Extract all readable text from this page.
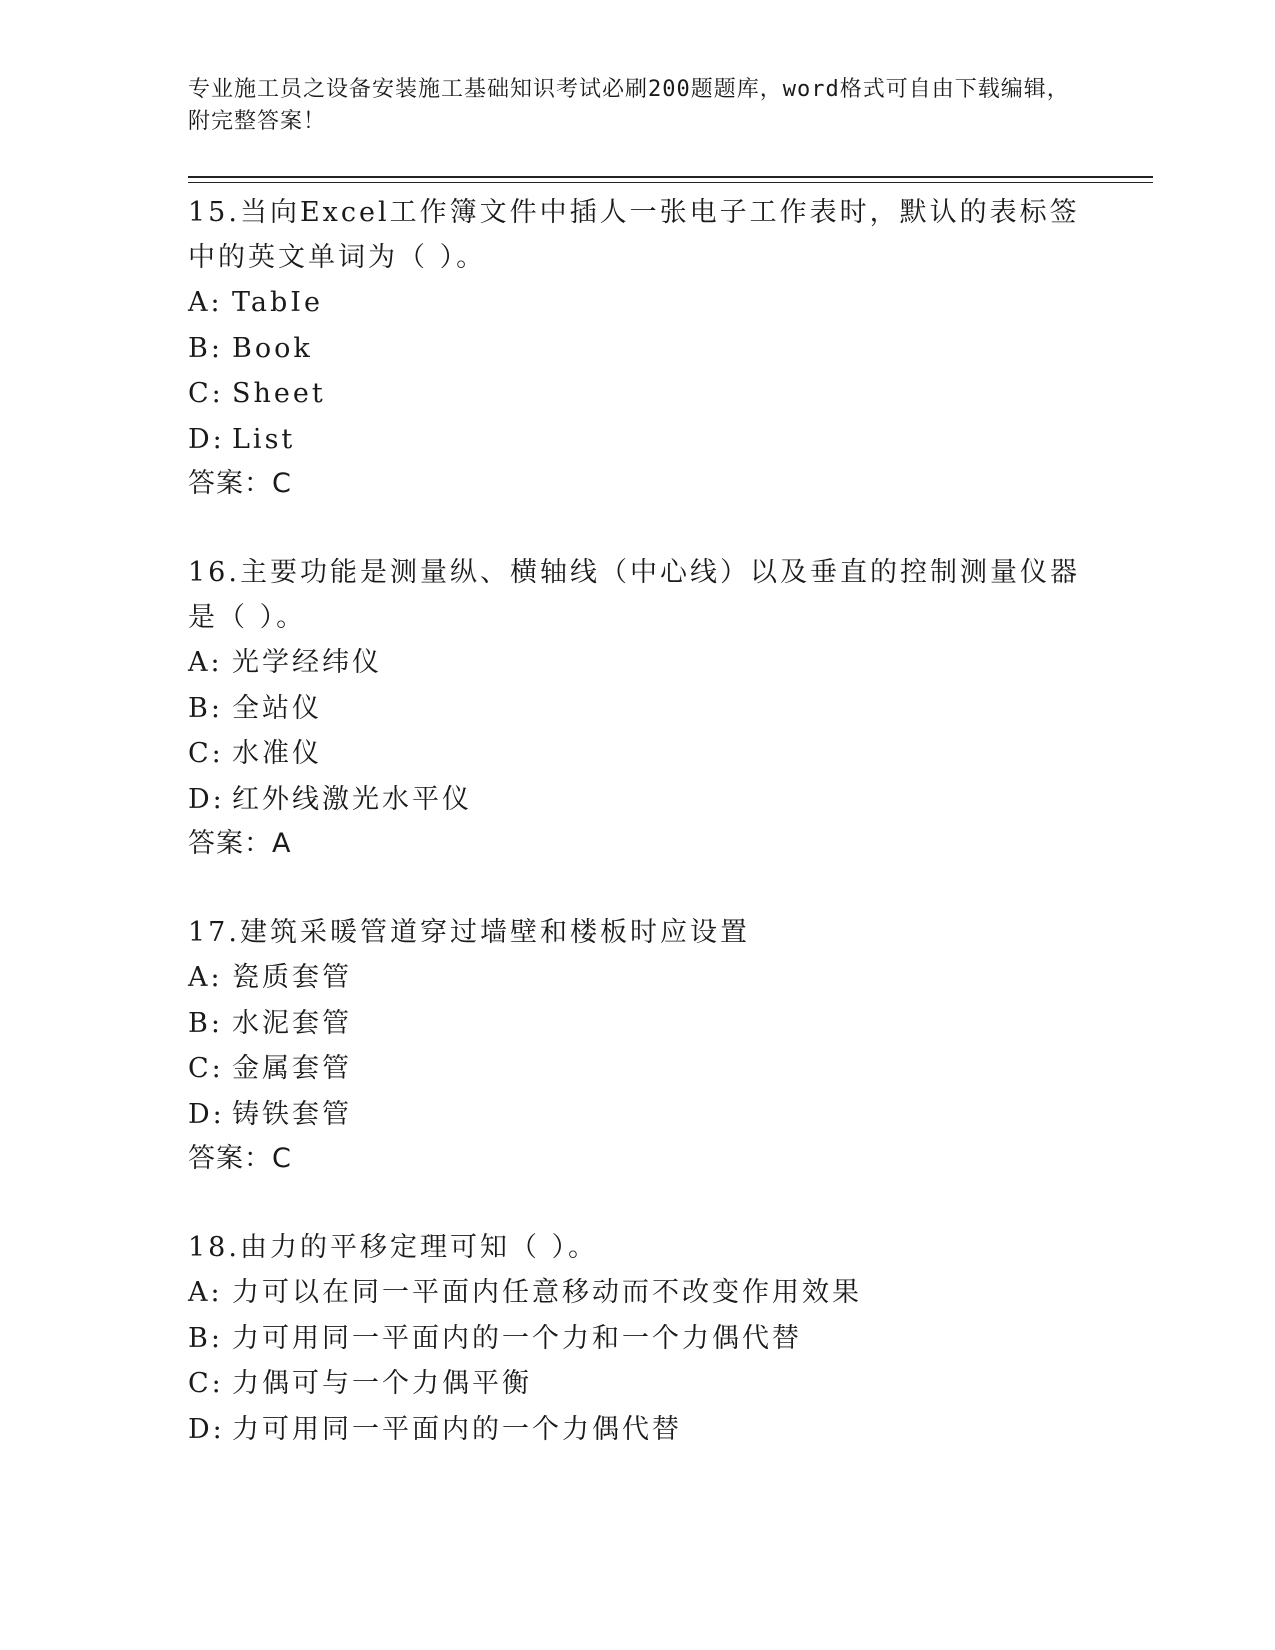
专业施工员之设备安装施工基础知识考试必刷200题题库，word格式可自由下载编辑，附完整答案！

15.当向Excel工作簿文件中插人一张电子工作表时，默认的表标签中的英文单词为（ ）。

A: TabIe
B: Book
C: Sheet
D: List

答案：C

16.主要功能是测量纵、横轴线（中心线）以及垂直的控制测量仪器是（ ）。

A: 光学经纬仪
B: 全站仪
C: 水准仪
D: 红外线激光水平仪

答案：A

17.建筑采暖管道穿过墙壁和楼板时应设置

A: 瓷质套管
B: 水泥套管
C: 金属套管
D: 铸铁套管

答案：C

18.由力的平移定理可知（ ）。

A: 力可以在同一平面内任意移动而不改变作用效果
B: 力可用同一平面内的一个力和一个力偶代替
C: 力偶可与一个力偶平衡
D: 力可用同一平面内的一个力偶代替
